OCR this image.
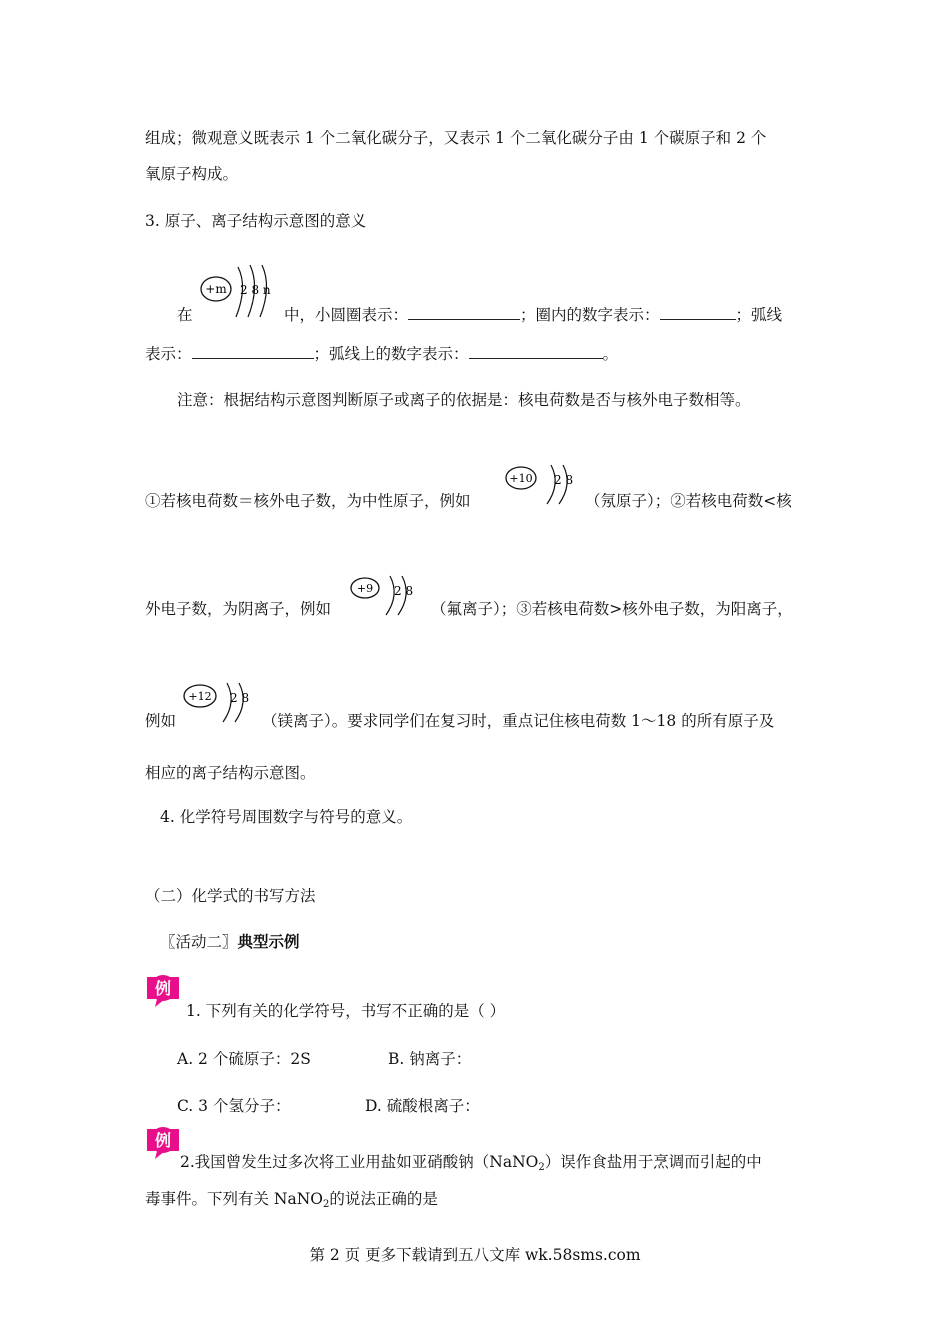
组成；微观意义既表示 1 个二氧化碳分子，又表示 1 个二氧化碳分子由 1 个碳原子和 2 个
氧原子构成。
3. 原子、离子结构示意图的意义
+m 2 8 n
在	中，小圆圈表示：	；圈内的数字表示：	；弧线
表示：	；弧线上的数字表示：	。
注意：根据结构示意图判断原子或离子的依据是：核电荷数是否与核外电子数相等。
①若核电荷数＝核外电子数，为中性原子，例如
+10 2 8
（氖原子）；②若核电荷数<核
外电子数，为阴离子，例如
+9 2 8
（氟离子）；③若核电荷数>核外电子数，为阳离子，
例如
+12 2 8
（镁离子）。要求同学们在复习时，重点记住核电荷数 1～18 的所有原子及
相应的离子结构示意图。
4. 化学符号周围数字与符号的意义。
（二）化学式的书写方法
〖活动二〗典型示例
例
1. 下列有关的化学符号，书写不正确的是（ ）
A. 2 个硫原子：2S	B. 钠离子：
C. 3 个氢分子：	D. 硫酸根离子：
例
2.我国曾发生过多次将工业用盐如亚硝酸钠（NaNO$_2$）误作食盐用于烹调而引起的中
毒事件。下列有关 NaNO$_2$的说法正确的是
第 2 页 更多下载请到五八文库 wk.58sms.com
